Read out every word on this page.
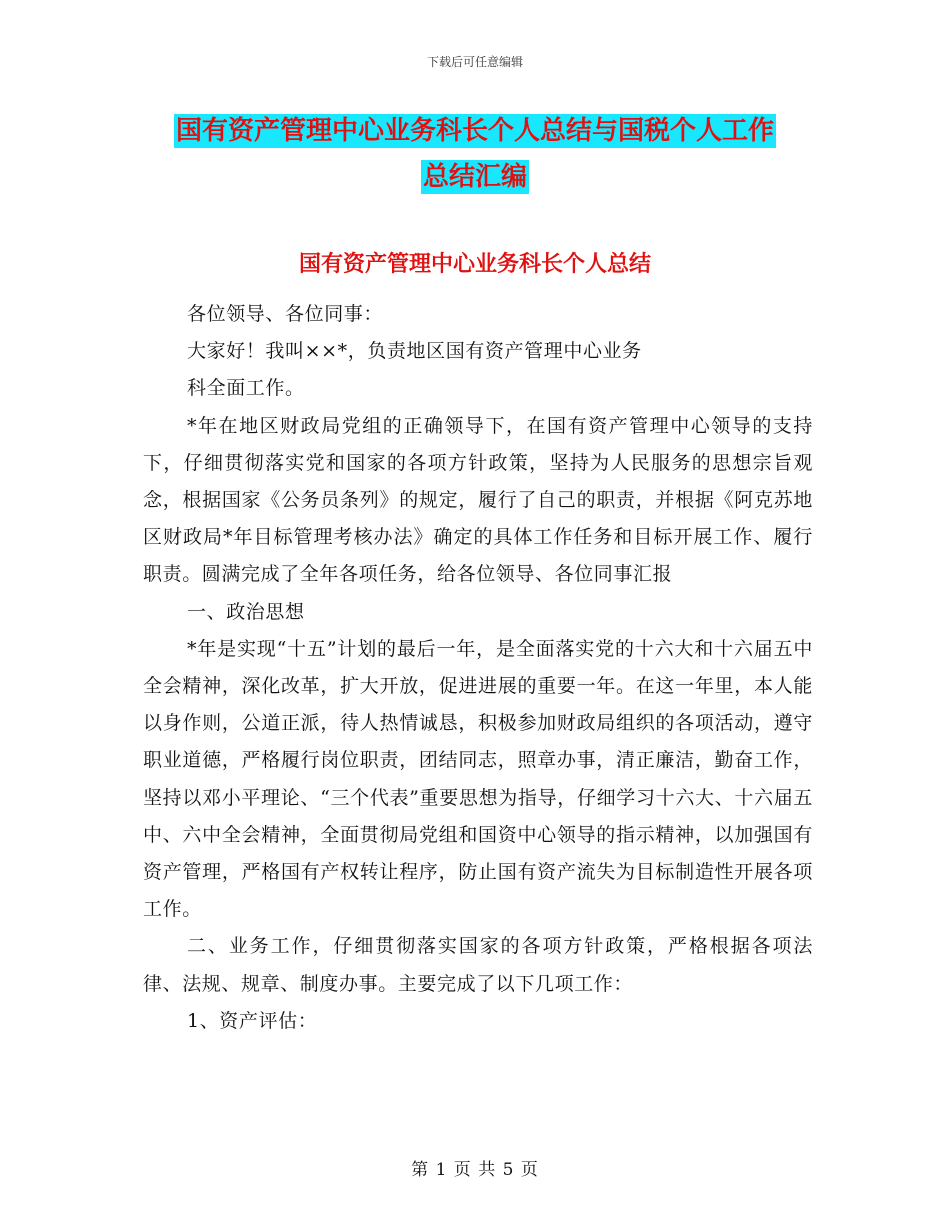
下载后可任意编辑
国有资产管理中心业务科长个人总结与国税个人工作
总结汇编
国有资产管理中心业务科长个人总结

各位领导、各位同事：

大家好！我叫××*，负责地区国有资产管理中心业务

科全面工作。

*年在地区财政局党组的正确领导下，在国有资产管理中心领导的支持下，仔细贯彻落实党和国家的各项方针政策，坚持为人民服务的思想宗旨观念，根据国家《公务员条列》的规定，履行了自己的职责，并根据《阿克苏地区财政局*年目标管理考核办法》确定的具体工作任务和目标开展工作、履行职责。圆满完成了全年各项任务，给各位领导、各位同事汇报

一、政治思想

*年是实现“十五”计划的最后一年，是全面落实党的十六大和十六届五中全会精神，深化改革，扩大开放，促进进展的重要一年。在这一年里，本人能以身作则，公道正派，待人热情诚恳，积极参加财政局组织的各项活动，遵守职业道德，严格履行岗位职责，团结同志，照章办事，清正廉洁，勤奋工作，坚持以邓小平理论、“三个代表”重要思想为指导，仔细学习十六大、十六届五中、六中全会精神，全面贯彻局党组和国资中心领导的指示精神，以加强国有资产管理，严格国有产权转让程序，防止国有资产流失为目标制造性开展各项工作。

二、业务工作，仔细贯彻落实国家的各项方针政策，严格根据各项法律、法规、规章、制度办事。主要完成了以下几项工作：

1、资产评估：

第 1 页 共 5 页
